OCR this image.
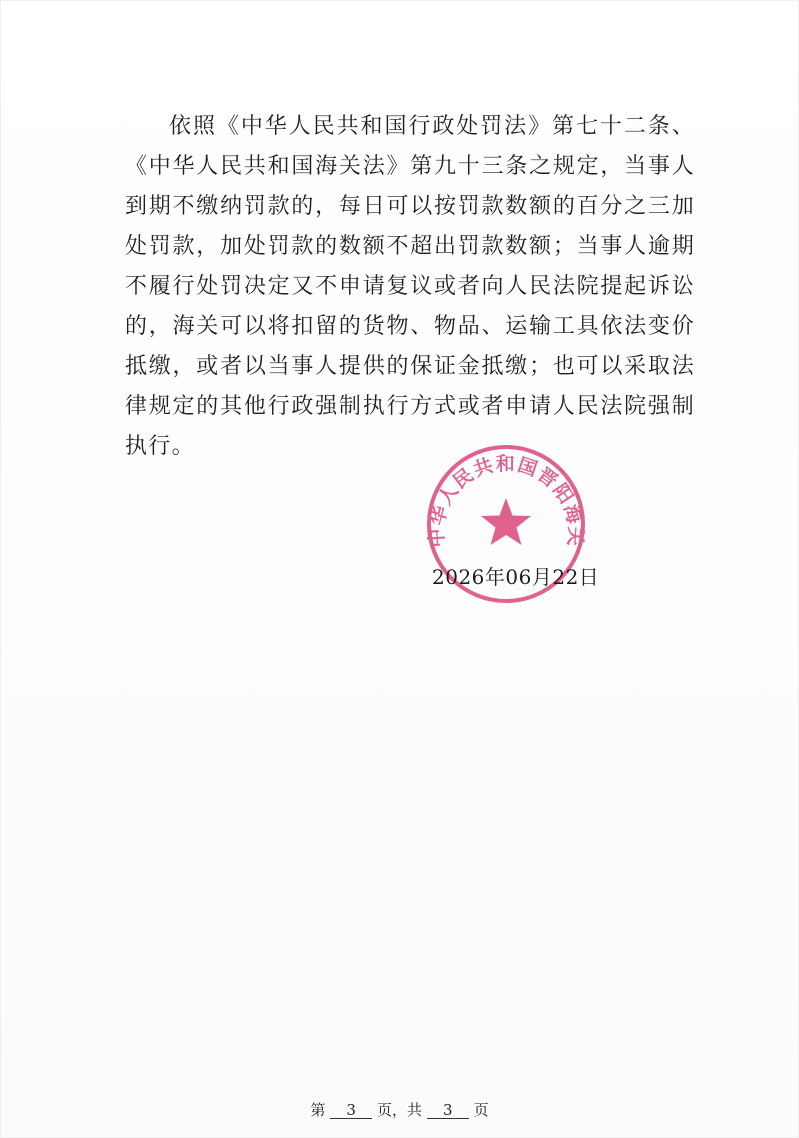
依照《中华人民共和国行政处罚法》第七十二条、《中华人民共和国海关法》第九十三条之规定，当事人到期不缴纳罚款的，每日可以按罚款数额的百分之三加处罚款，加处罚款的数额不超出罚款数额；当事人逾期不履行处罚决定又不申请复议或者向人民法院提起诉讼的，海关可以将扣留的货物、物品、运输工具依法变价抵缴，或者以当事人提供的保证金抵缴；也可以采取法律规定的其他行政强制执行方式或者申请人民法院强制执行。

中华人民共和国晋阳海关
2026年06月22日
第 3 页，共 3 页
